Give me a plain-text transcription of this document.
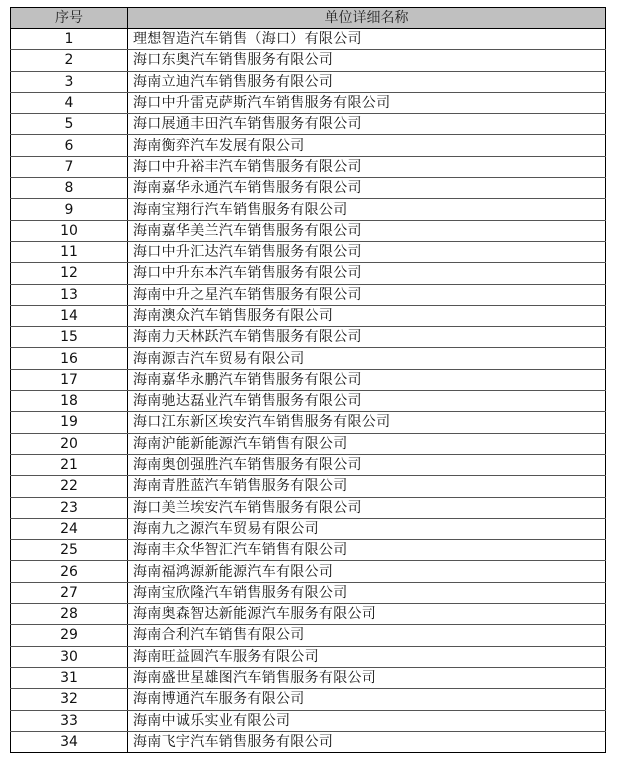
序号	单位详细名称
1	理想智造汽车销售（海口）有限公司
2	海口东奥汽车销售服务有限公司
3	海南立迪汽车销售服务有限公司
4	海口中升雷克萨斯汽车销售服务有限公司
5	海口展通丰田汽车销售服务有限公司
6	海南衡弈汽车发展有限公司
7	海口中升裕丰汽车销售服务有限公司
8	海南嘉华永通汽车销售服务有限公司
9	海南宝翔行汽车销售服务有限公司
10	海南嘉华美兰汽车销售服务有限公司
11	海口中升汇达汽车销售服务有限公司
12	海口中升东本汽车销售服务有限公司
13	海南中升之星汽车销售服务有限公司
14	海南澳众汽车销售服务有限公司
15	海南力天林跃汽车销售服务有限公司
16	海南源吉汽车贸易有限公司
17	海南嘉华永鹏汽车销售服务有限公司
18	海南驰达磊业汽车销售服务有限公司
19	海口江东新区埃安汽车销售服务有限公司
20	海南沪能新能源汽车销售有限公司
21	海南奥创强胜汽车销售服务有限公司
22	海南青胜蓝汽车销售服务有限公司
23	海口美兰埃安汽车销售服务有限公司
24	海南九之源汽车贸易有限公司
25	海南丰众华智汇汽车销售有限公司
26	海南福鸿源新能源汽车有限公司
27	海南宝欣隆汽车销售服务有限公司
28	海南奥森智达新能源汽车服务有限公司
29	海南合利汽车销售有限公司
30	海南旺益圆汽车服务有限公司
31	海南盛世星雄图汽车销售服务有限公司
32	海南博通汽车服务有限公司
33	海南中诚乐实业有限公司
34	海南飞宇汽车销售服务有限公司
